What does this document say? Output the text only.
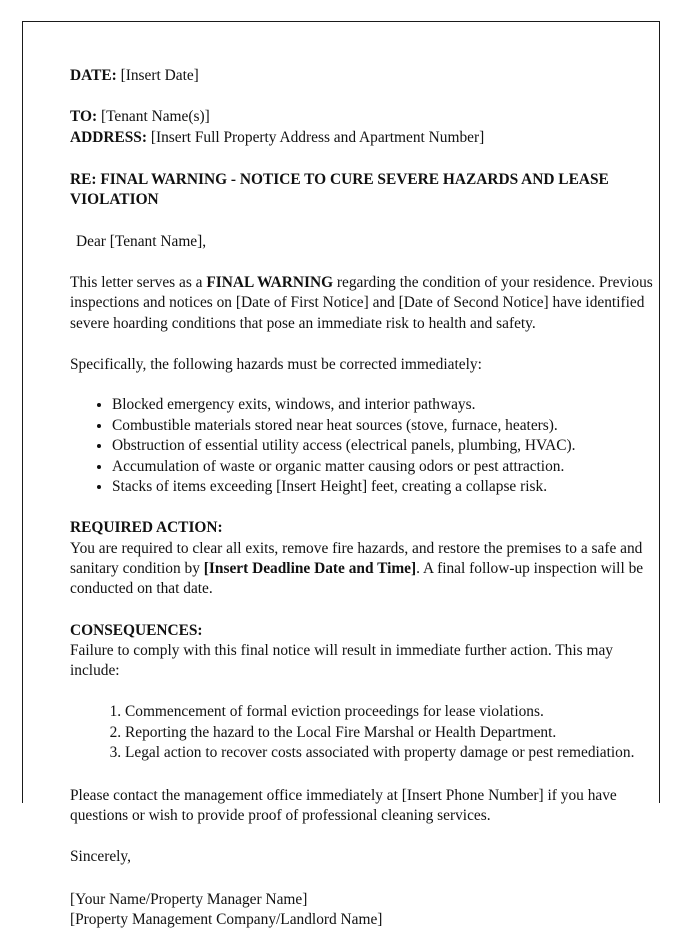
DATE: [Insert Date]
TO: [Tenant Name(s)]
ADDRESS: [Insert Full Property Address and Apartment Number]
RE: FINAL WARNING - NOTICE TO CURE SEVERE HAZARDS AND LEASE VIOLATION
Dear [Tenant Name],
This letter serves as a FINAL WARNING regarding the condition of your residence. Previous inspections and notices on [Date of First Notice] and [Date of Second Notice] have identified severe hoarding conditions that pose an immediate risk to health and safety.
Specifically, the following hazards must be corrected immediately:
• Blocked emergency exits, windows, and interior pathways.
• Combustible materials stored near heat sources (stove, furnace, heaters).
• Obstruction of essential utility access (electrical panels, plumbing, HVAC).
• Accumulation of waste or organic matter causing odors or pest attraction.
• Stacks of items exceeding [Insert Height] feet, creating a collapse risk.
REQUIRED ACTION:
You are required to clear all exits, remove fire hazards, and restore the premises to a safe and sanitary condition by [Insert Deadline Date and Time]. A final follow-up inspection will be conducted on that date.
CONSEQUENCES:
Failure to comply with this final notice will result in immediate further action. This may include:
1. Commencement of formal eviction proceedings for lease violations.
2. Reporting the hazard to the Local Fire Marshal or Health Department.
3. Legal action to recover costs associated with property damage or pest remediation.
Please contact the management office immediately at [Insert Phone Number] if you have questions or wish to provide proof of professional cleaning services.
Sincerely,
[Your Name/Property Manager Name]
[Property Management Company/Landlord Name]
